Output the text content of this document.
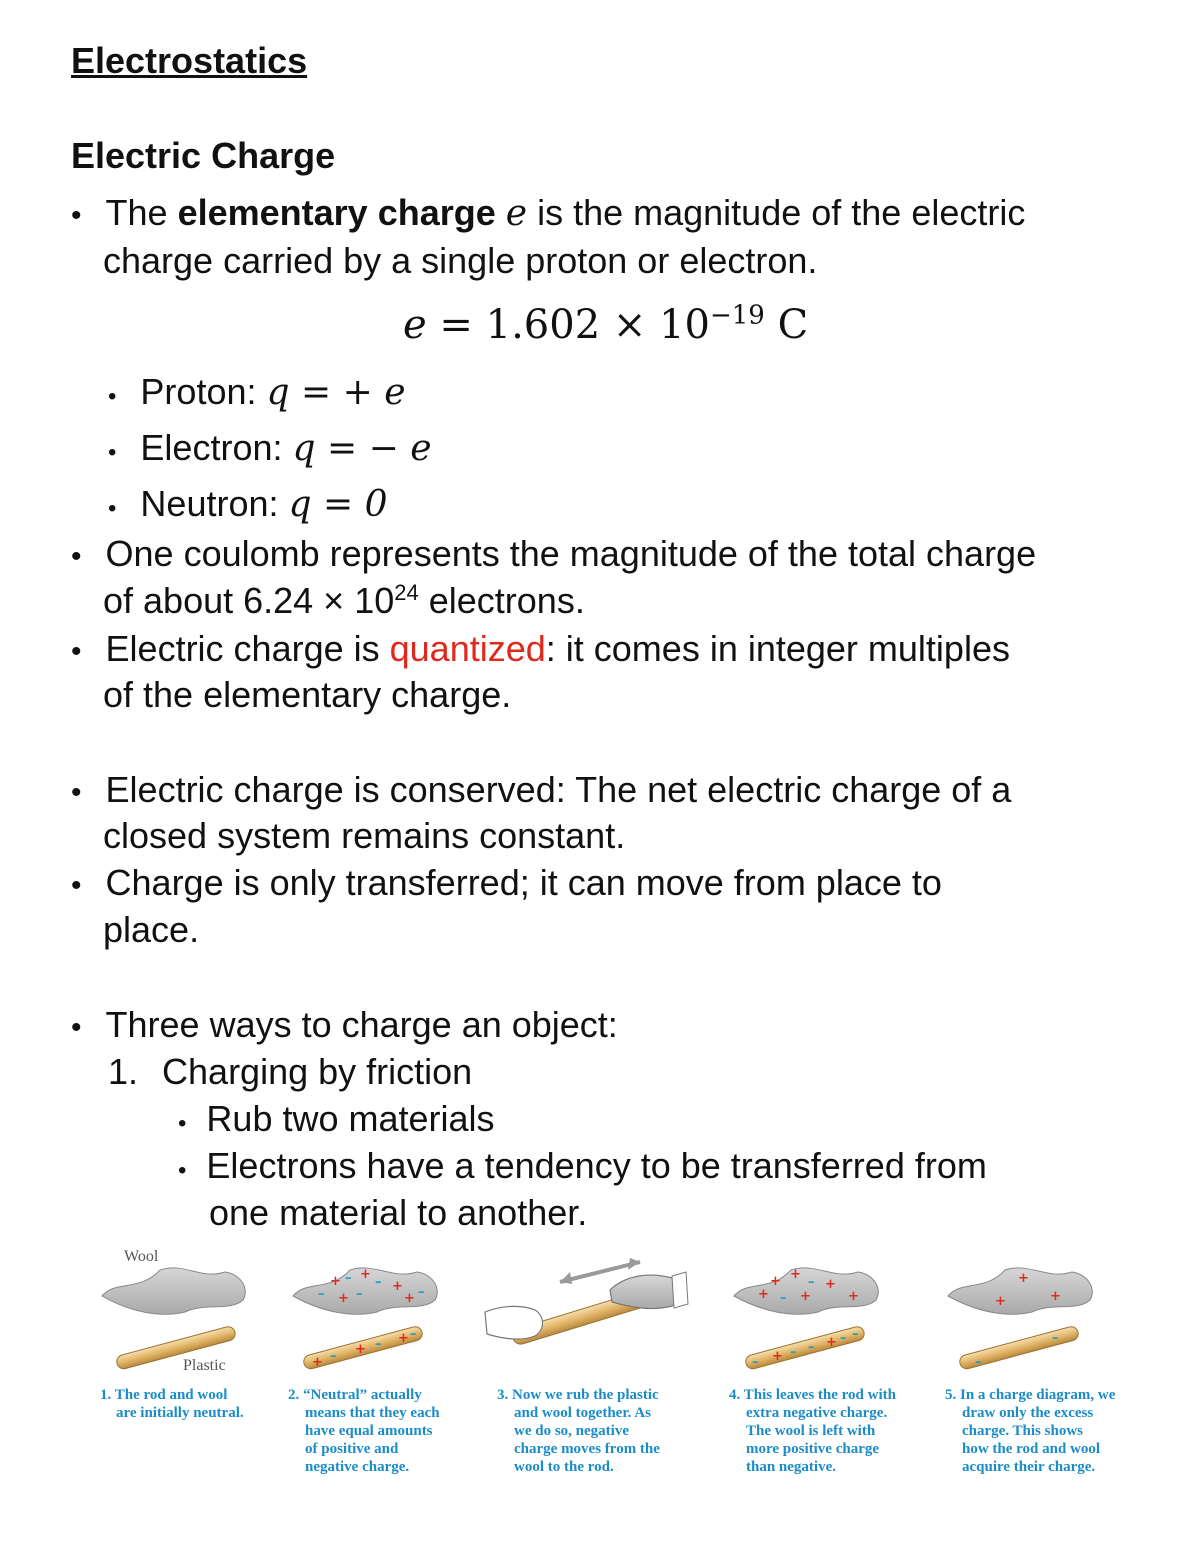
Electrostatics
Electric Charge
• The elementary charge e is the magnitude of the electric
charge carried by a single proton or electron.
$e = 1.602 \times 10^{-19}$ C
• Proton: q = + e
• Electron: q = − e
• Neutron: q = 0
• One coulomb represents the magnitude of the total charge
of about $6.24 \times 10^{24}$ electrons.
• Electric charge is quantized: it comes in integer multiples
of the elementary charge.
• Electric charge is conserved: The net electric charge of a
closed system remains constant.
• Charge is only transferred; it can move from place to
place.
• Three ways to charge an object:
1. Charging by friction
• Rub two materials
• Electrons have a tendency to be transferred from
one material to another.
Wool
Plastic
+ – +
– +
– + –	+ –
+ – + – + –
+ +
– +
+ – +	+
– + – – + – –
+
+	+
–
–
1. The rod and wool
are initially neutral.
2. “Neutral” actually
means that they each
have equal amounts
of positive and
negative charge.
3. Now we rub the plastic
and wool together. As
we do so, negative
charge moves from the
wool to the rod.
4. This leaves the rod with
extra negative charge.
The wool is left with
more positive charge
than negative.
5. In a charge diagram, we
draw only the excess
charge. This shows
how the rod and wool
acquire their charge.
